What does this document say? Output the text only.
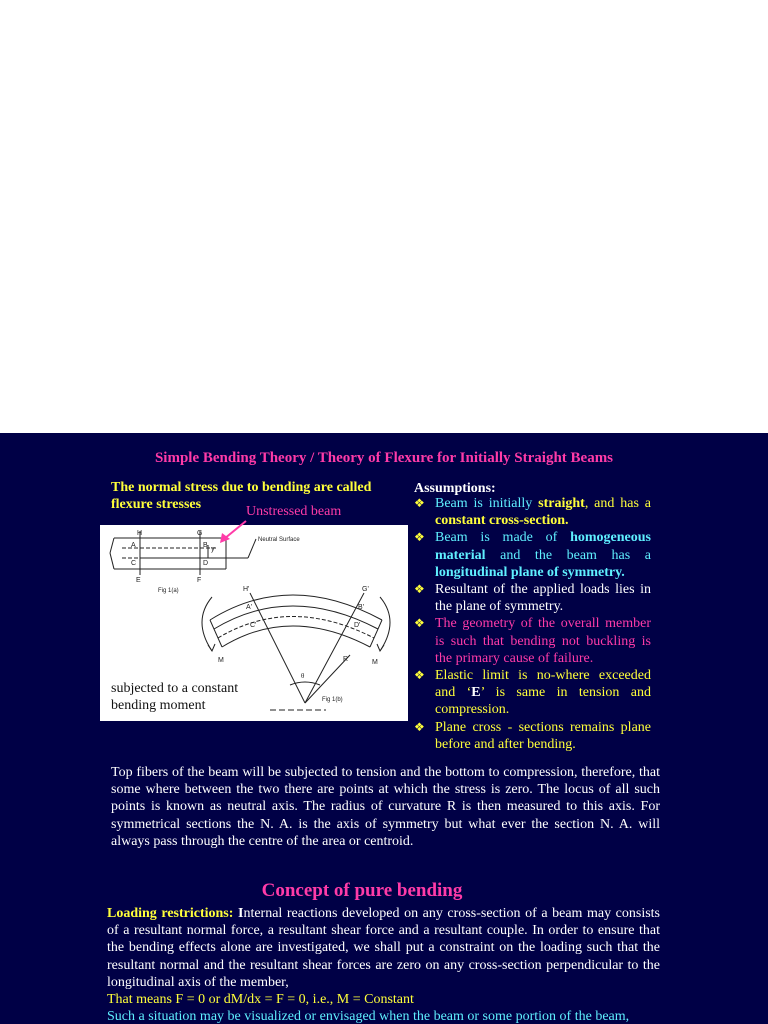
Simple Bending Theory / Theory of Flexure for Initially Straight Beams
The normal stress due to bending are called flexure stresses
H	G
A	B
y
C	D
E	F
Neutral Surface
Fig 1(a)	H'	G'
A'	B'
C'	D'
M	M
R
θ
Fig 1(b)
Unstressed beam
subjected to a constant bending moment
Assumptions:
❖ Beam is initially straight, and has a constant cross-section.
❖ Beam is made of homogeneous material and the beam has a longitudinal plane of symmetry.
❖ Resultant of the applied loads lies in the plane of symmetry.
❖ The geometry of the overall member is such that bending not buckling is the primary cause of failure.
❖ Elastic limit is no-where exceeded and ‘E’ is same in tension and compression.
❖ Plane cross - sections remains plane before and after bending.
Top fibers of the beam will be subjected to tension and the bottom to compression, therefore, that some where between the two there are points at which the stress is zero. The locus of all such points is known as neutral axis. The radius of curvature R is then measured to this axis. For symmetrical sections the N. A. is the axis of symmetry but what ever the section N. A. will always pass through the centre of the area or centroid.
Concept of pure bending
Loading restrictions: Internal reactions developed on any cross-section of a beam may consists of a resultant normal force, a resultant shear force and a resultant couple. In order to ensure that the bending effects alone are investigated, we shall put a constraint on the loading such that the resultant normal and the resultant shear forces are zero on any cross-section perpendicular to the longitudinal axis of the member,
That means F = 0 or dM/dx = F = 0, i.e., M = Constant
Such a situation may be visualized or envisaged when the beam or some portion of the beam,
